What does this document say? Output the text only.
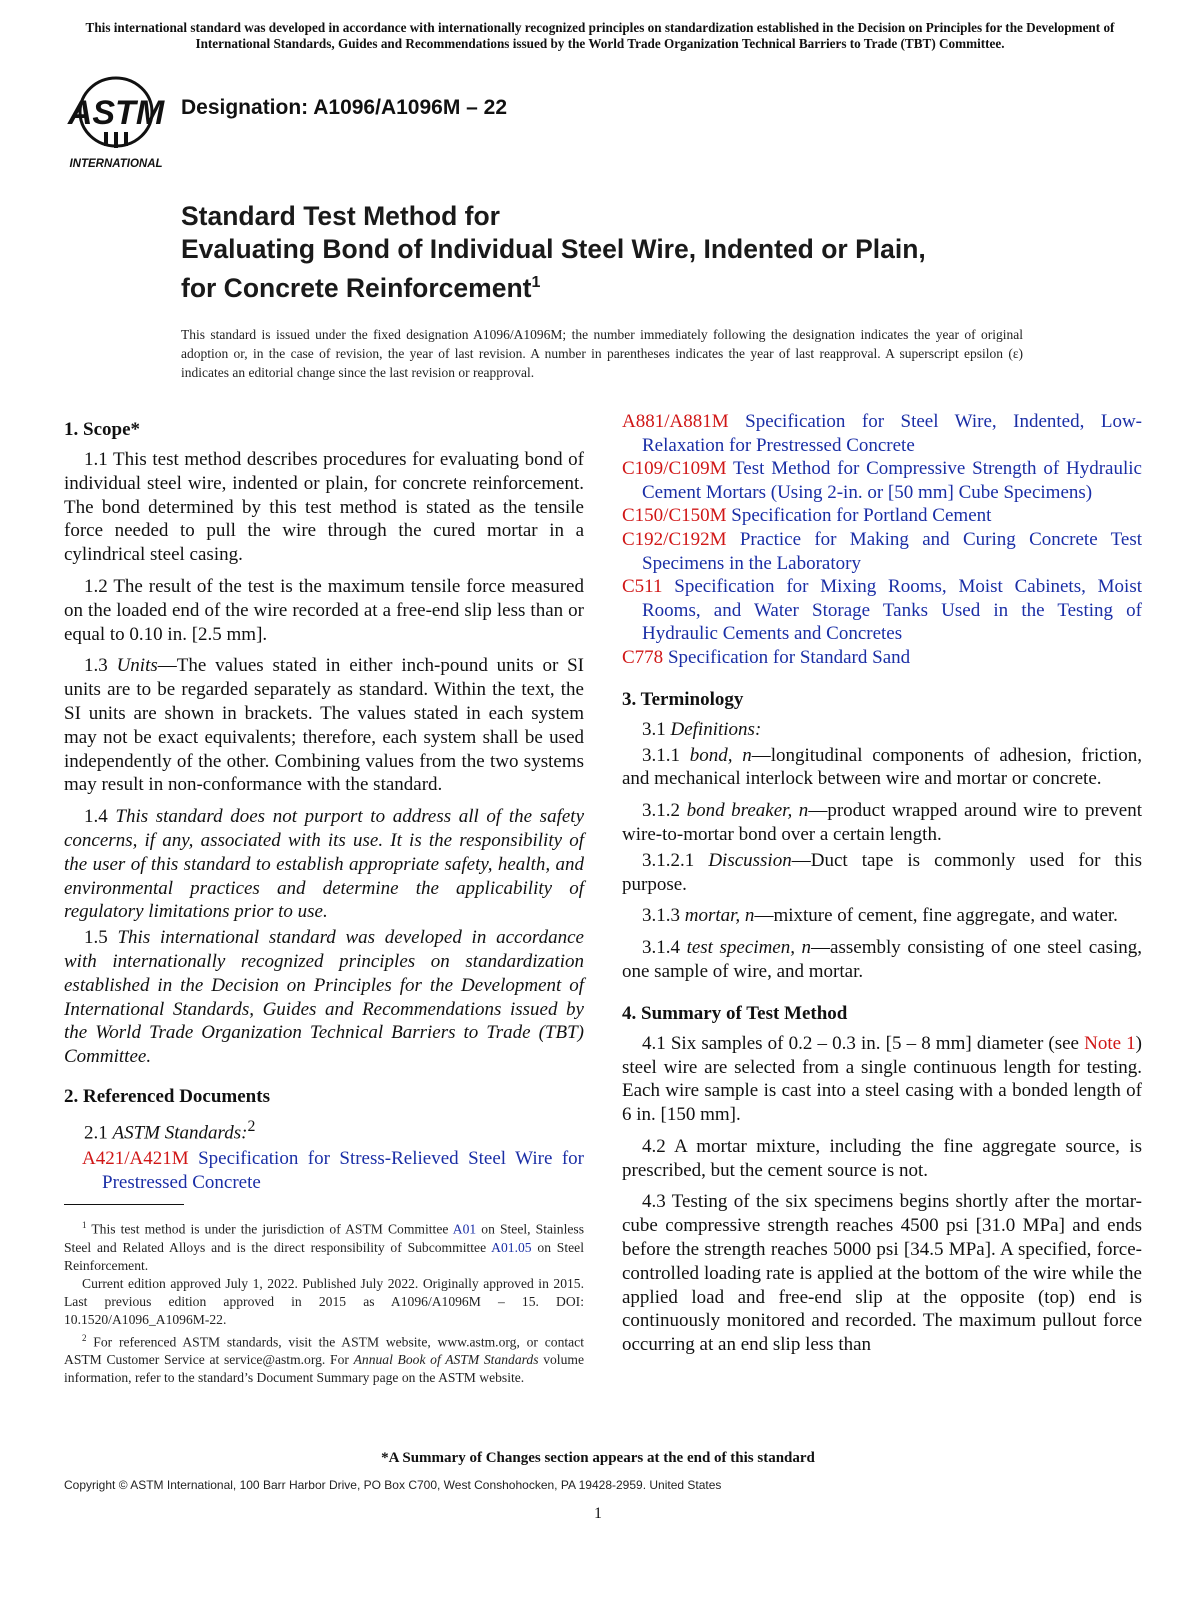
This international standard was developed in accordance with internationally recognized principles on standardization established in the Decision on Principles for the Development of International Standards, Guides and Recommendations issued by the World Trade Organization Technical Barriers to Trade (TBT) Committee.
ASTM
INTERNATIONAL
Designation: A1096/A1096M – 22
Standard Test Method for
Evaluating Bond of Individual Steel Wire, Indented or Plain,
for Concrete Reinforcement$^1$
This standard is issued under the fixed designation A1096/A1096M; the number immediately following the designation indicates the year of original adoption or, in the case of revision, the year of last revision. A number in parentheses indicates the year of last reapproval. A superscript epsilon (ε) indicates an editorial change since the last revision or reapproval.
1. Scope*

1.1 This test method describes procedures for evaluating bond of individual steel wire, indented or plain, for concrete reinforcement. The bond determined by this test method is stated as the tensile force needed to pull the wire through the cured mortar in a cylindrical steel casing.

1.2 The result of the test is the maximum tensile force measured on the loaded end of the wire recorded at a free-end slip less than or equal to 0.10 in. [2.5 mm].

1.3 Units—The values stated in either inch-pound units or SI units are to be regarded separately as standard. Within the text, the SI units are shown in brackets. The values stated in each system may not be exact equivalents; therefore, each system shall be used independently of the other. Combining values from the two systems may result in non-conformance with the standard.

1.4 This standard does not purport to address all of the safety concerns, if any, associated with its use. It is the responsibility of the user of this standard to establish appropriate safety, health, and environmental practices and determine the applicability of regulatory limitations prior to use.

1.5 This international standard was developed in accordance with internationally recognized principles on standardization established in the Decision on Principles for the Development of International Standards, Guides and Recommendations issued by the World Trade Organization Technical Barriers to Trade (TBT) Committee.

2. Referenced Documents
2.1 ASTM Standards:$^2$
A421/A421M Specification for Stress-Relieved Steel Wire for Prestressed Concrete
A881/A881M Specification for Steel Wire, Indented, Low-Relaxation for Prestressed Concrete
C109/C109M Test Method for Compressive Strength of Hydraulic Cement Mortars (Using 2-in. or [50 mm] Cube Specimens)
C150/C150M Specification for Portland Cement
C192/C192M Practice for Making and Curing Concrete Test Specimens in the Laboratory
C511 Specification for Mixing Rooms, Moist Cabinets, Moist Rooms, and Water Storage Tanks Used in the Testing of Hydraulic Cements and Concretes
C778 Specification for Standard Sand
3. Terminology
3.1 Definitions:

3.1.1 bond, n—longitudinal components of adhesion, friction, and mechanical interlock between wire and mortar or concrete.

3.1.2 bond breaker, n—product wrapped around wire to prevent wire-to-mortar bond over a certain length.

3.1.2.1 Discussion—Duct tape is commonly used for this purpose.

3.1.3 mortar, n—mixture of cement, fine aggregate, and water.

3.1.4 test specimen, n—assembly consisting of one steel casing, one sample of wire, and mortar.

4. Summary of Test Method

4.1 Six samples of 0.2 – 0.3 in. [5 – 8 mm] diameter (see Note 1) steel wire are selected from a single continuous length for testing. Each wire sample is cast into a steel casing with a bonded length of 6 in. [150 mm].

4.2 A mortar mixture, including the fine aggregate source, is prescribed, but the cement source is not.

4.3 Testing of the six specimens begins shortly after the mortar-cube compressive strength reaches 4500 psi [31.0 MPa] and ends before the strength reaches 5000 psi [34.5 MPa]. A specified, force-controlled loading rate is applied at the bottom of the wire while the applied load and free-end slip at the opposite (top) end is continuously monitored and recorded. The maximum pullout force occurring at an end slip less than

$^1$ This test method is under the jurisdiction of ASTM Committee A01 on Steel, Stainless Steel and Related Alloys and is the direct responsibility of Subcommittee A01.05 on Steel Reinforcement.

Current edition approved July 1, 2022. Published July 2022. Originally approved in 2015. Last previous edition approved in 2015 as A1096/A1096M – 15. DOI: 10.1520/A1096_A1096M-22.

$^2$ For referenced ASTM standards, visit the ASTM website, www.astm.org, or contact ASTM Customer Service at service@astm.org. For Annual Book of ASTM Standards volume information, refer to the standard’s Document Summary page on the ASTM website.

*A Summary of Changes section appears at the end of this standard
Copyright © ASTM International, 100 Barr Harbor Drive, PO Box C700, West Conshohocken, PA 19428-2959. United States
1
